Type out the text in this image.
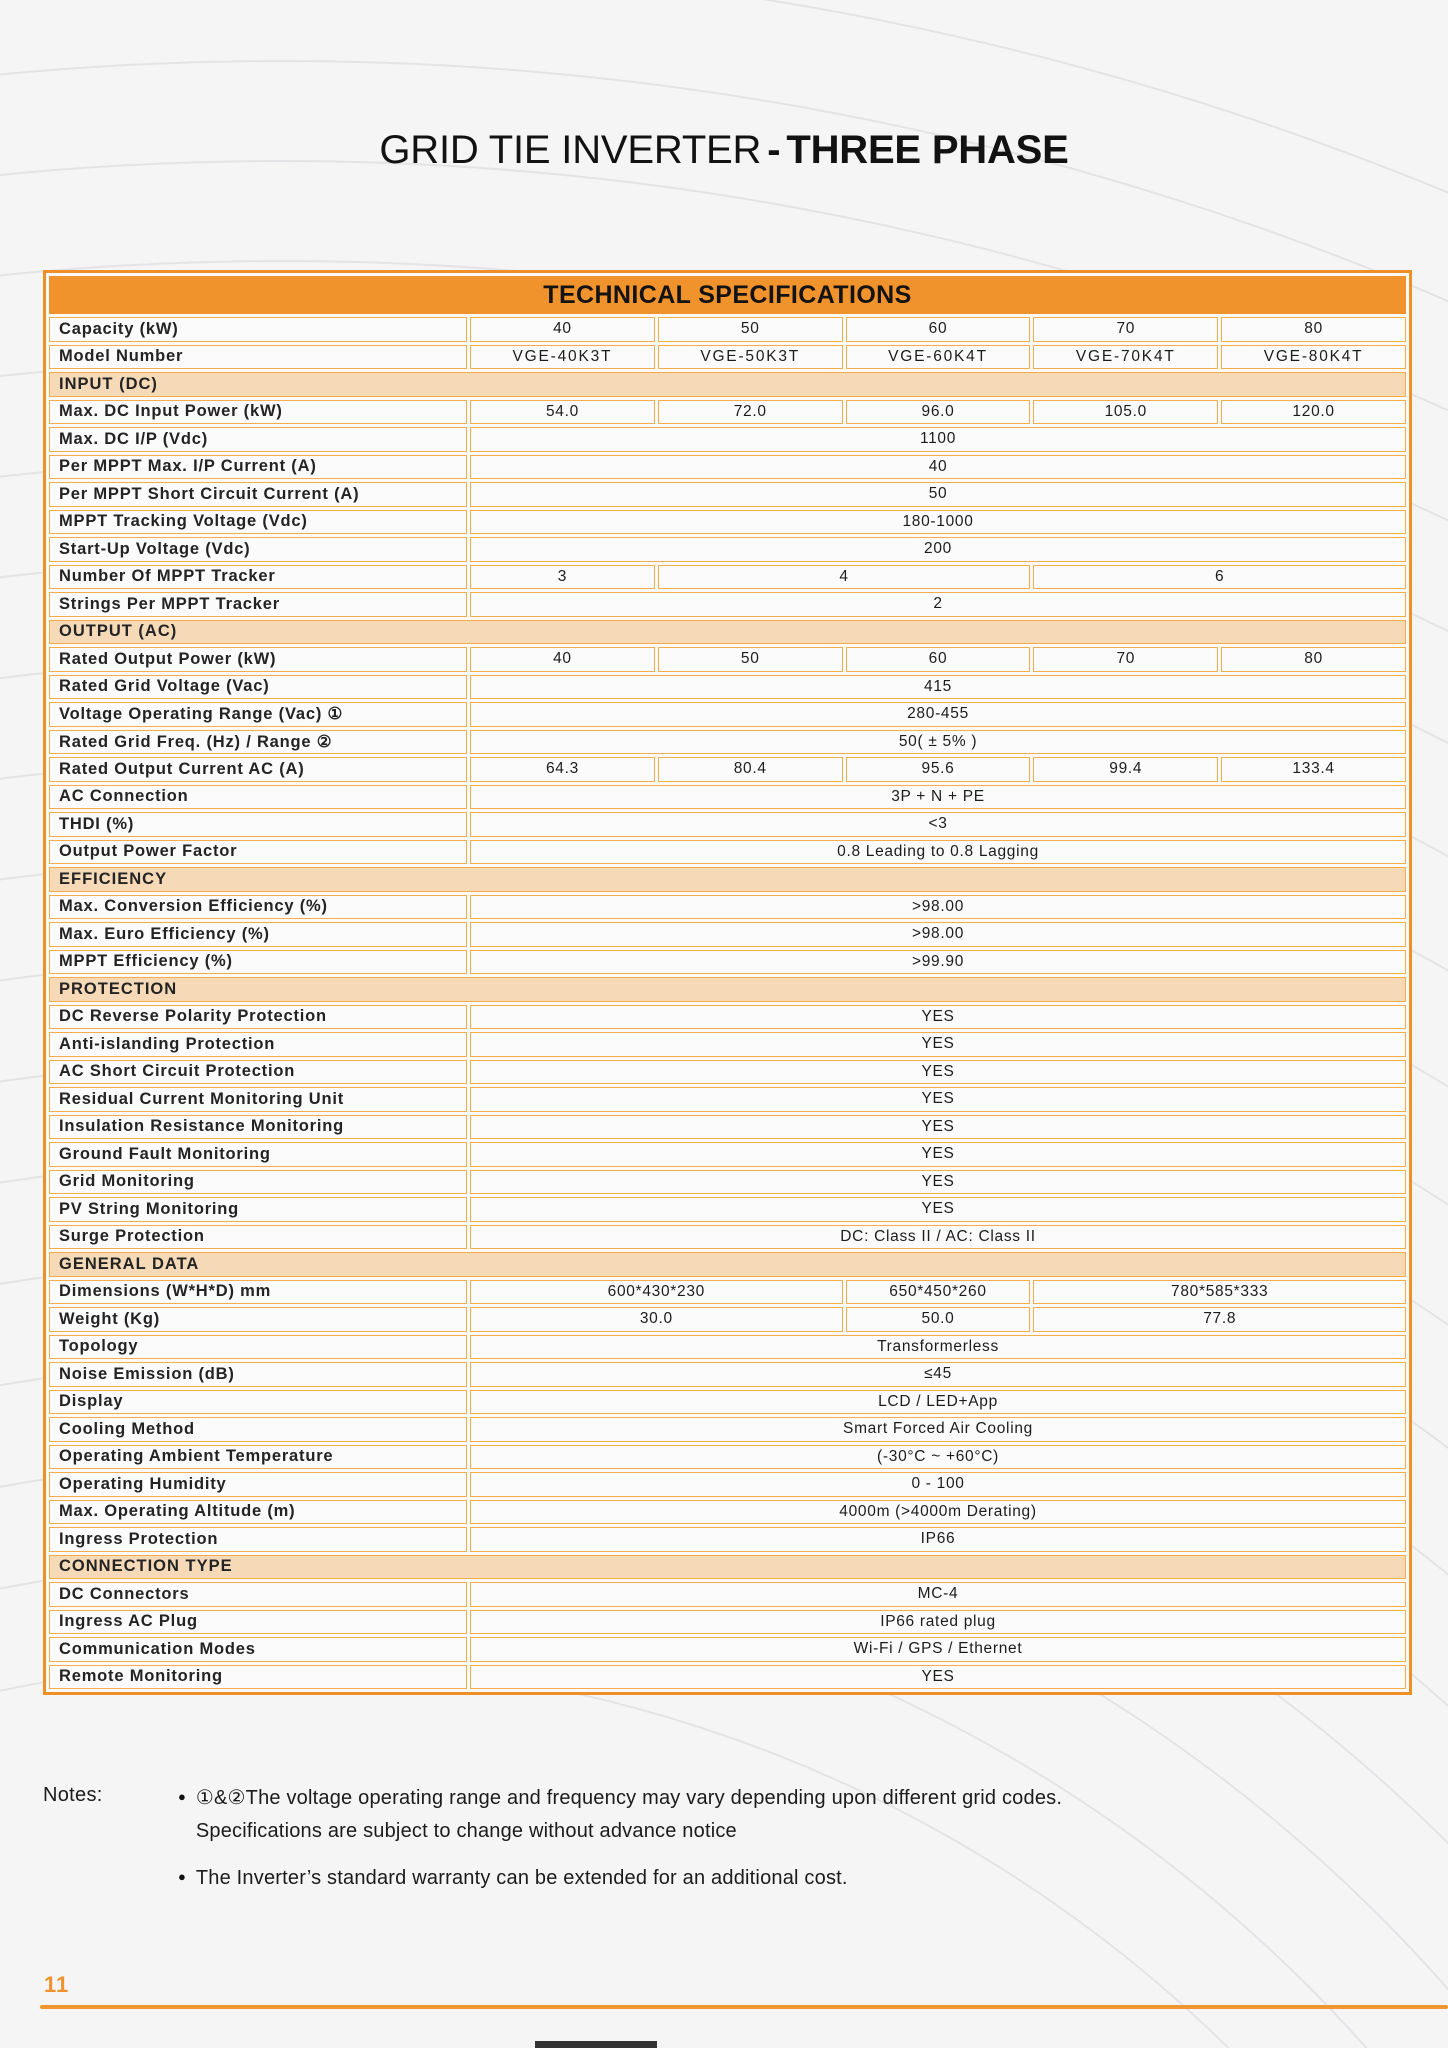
GRID TIE INVERTER - THREE PHASE
TECHNICAL SPECIFICATIONS					
Capacity (kW)	40	50	60	70	80
Model Number	VGE-40K3T	VGE-50K3T	VGE-60K4T	VGE-70K4T	VGE-80K4T
INPUT (DC)					
Max. DC Input Power (kW)	54.0	72.0	96.0	105.0	120.0
Max. DC I/P (Vdc)	1100				
Per MPPT Max. I/P Current (A)	40				
Per MPPT Short Circuit Current (A)	50				
MPPT Tracking Voltage (Vdc)	180-1000				
Start-Up Voltage (Vdc)	200				
Number Of MPPT Tracker	3	4		6	
Strings Per MPPT Tracker	2				
OUTPUT (AC)					
Rated Output Power (kW)	40	50	60	70	80
Rated Grid Voltage (Vac)	415				
Voltage Operating Range (Vac) ①	280-455				
Rated Grid Freq. (Hz) / Range ②	50( ± 5% )				
Rated Output Current AC (A)	64.3	80.4	95.6	99.4	133.4
AC Connection	3P + N + PE				
THDI (%)	<3				
Output Power Factor	0.8 Leading to 0.8 Lagging				
EFFICIENCY					
Max. Conversion Efficiency (%)	>98.00				
Max. Euro Efficiency (%)	>98.00				
MPPT Efficiency (%)	>99.90				
PROTECTION					
DC Reverse Polarity Protection	YES				
Anti-islanding Protection	YES				
AC Short Circuit Protection	YES				
Residual Current Monitoring Unit	YES				
Insulation Resistance Monitoring	YES				
Ground Fault Monitoring	YES				
Grid Monitoring	YES				
PV String Monitoring	YES				
Surge Protection	DC: Class II / AC: Class II				
GENERAL DATA					
Dimensions (W*H*D) mm	600*430*230		650*450*260	780*585*333	
Weight (Kg)	30.0		50.0	77.8	
Topology	Transformerless				
Noise Emission (dB)	≤45				
Display	LCD / LED+App				
Cooling Method	Smart Forced Air Cooling				
Operating Ambient Temperature	(-30°C ~ +60°C)				
Operating Humidity	0 - 100				
Max. Operating Altitude (m)	4000m (>4000m Derating)				
Ingress Protection	IP66				
CONNECTION TYPE					
DC Connectors	MC-4				
Ingress AC Plug	IP66 rated plug				
Communication Modes	Wi-Fi / GPS / Ethernet				
Remote Monitoring	YES				
Notes:	● ①&②The voltage operating range and frequency may vary depending upon different grid codes.
Specifications are subject to change without advance notice
● The Inverter’s standard warranty can be extended for an additional cost.
11
